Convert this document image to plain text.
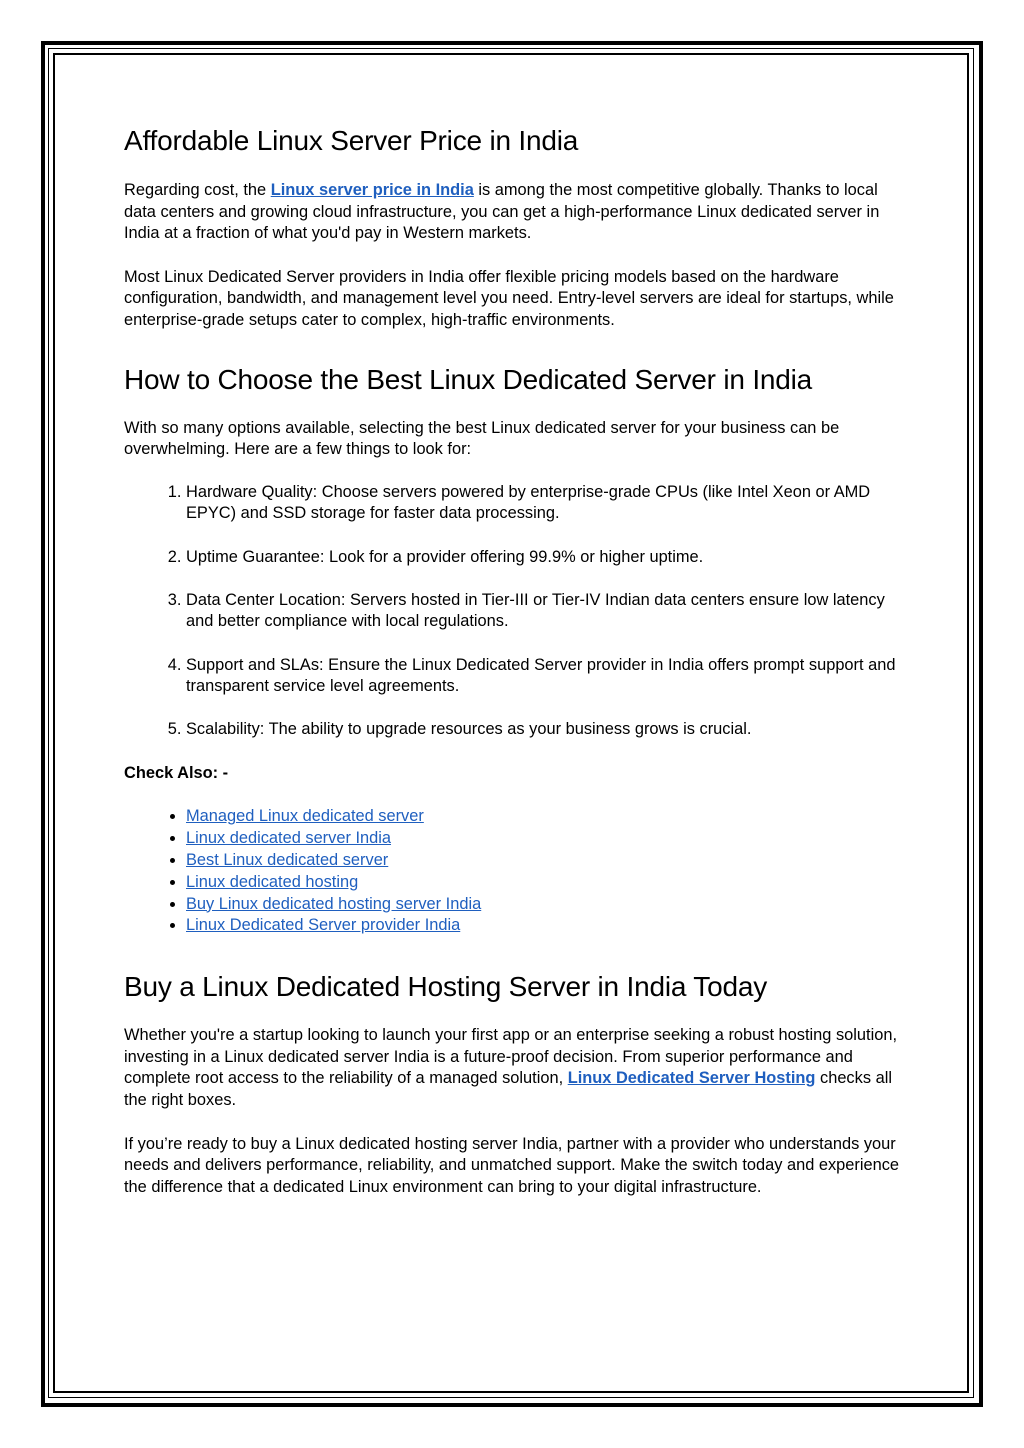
Affordable Linux Server Price in India

Regarding cost, the Linux server price in India is among the most competitive globally. Thanks to local data centers and growing cloud infrastructure, you can get a high-performance Linux dedicated server in India at a fraction of what you'd pay in Western markets.

Most Linux Dedicated Server providers in India offer flexible pricing models based on the hardware configuration, bandwidth, and management level you need. Entry-level servers are ideal for startups, while enterprise-grade setups cater to complex, high-traffic environments.

How to Choose the Best Linux Dedicated Server in India

With so many options available, selecting the best Linux dedicated server for your business can be overwhelming. Here are a few things to look for:

1. Hardware Quality: Choose servers powered by enterprise-grade CPUs (like Intel Xeon or AMD EPYC) and SSD storage for faster data processing.
2. Uptime Guarantee: Look for a provider offering 99.9% or higher uptime.
3. Data Center Location: Servers hosted in Tier-III or Tier-IV Indian data centers ensure low latency and better compliance with local regulations.
4. Support and SLAs: Ensure the Linux Dedicated Server provider in India offers prompt support and transparent service level agreements.
5. Scalability: The ability to upgrade resources as your business grows is crucial.
Check Also: -
• Managed Linux dedicated server
• Linux dedicated server India
• Best Linux dedicated server
• Linux dedicated hosting
• Buy Linux dedicated hosting server India
• Linux Dedicated Server provider India
Buy a Linux Dedicated Hosting Server in India Today

Whether you're a startup looking to launch your first app or an enterprise seeking a robust hosting solution, investing in a Linux dedicated server India is a future-proof decision. From superior performance and complete root access to the reliability of a managed solution, Linux Dedicated Server Hosting checks all the right boxes.

If you’re ready to buy a Linux dedicated hosting server India, partner with a provider who understands your needs and delivers performance, reliability, and unmatched support. Make the switch today and experience the difference that a dedicated Linux environment can bring to your digital infrastructure.
